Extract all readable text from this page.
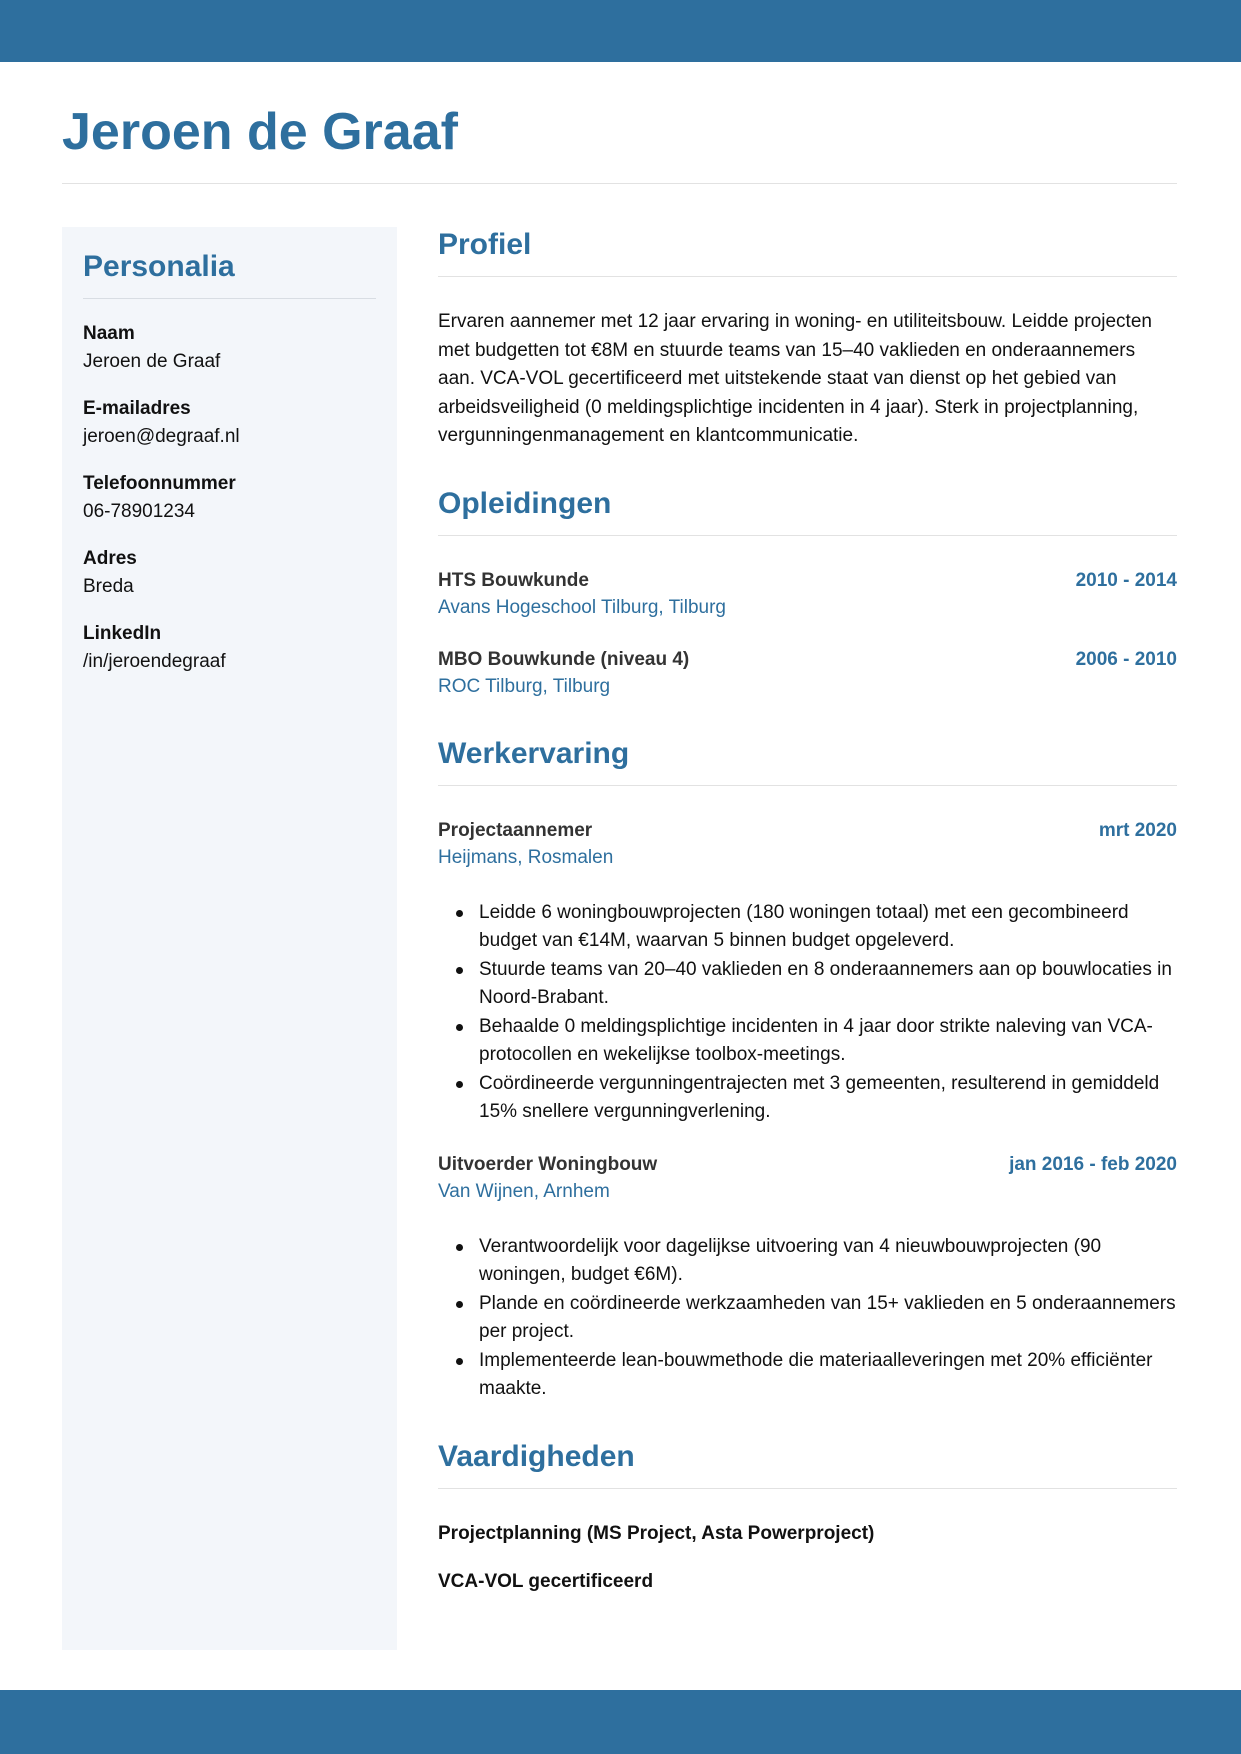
Jeroen de Graaf
Personalia
Naam
Jeroen de Graaf
E-mailadres
jeroen@degraaf.nl
Telefoonnummer
06-78901234
Adres
Breda
LinkedIn
/in/jeroendegraaf
Profiel

Ervaren aannemer met 12 jaar ervaring in woning- en utiliteitsbouw. Leidde projecten met budgetten tot €8M en stuurde teams van 15–40 vaklieden en onderaannemers aan. VCA-VOL gecertificeerd met uitstekende staat van dienst op het gebied van arbeidsveiligheid (0 meldingsplichtige incidenten in 4 jaar). Sterk in projectplanning, vergunningenmanagement en klantcommunicatie.

Opleidingen
HTS Bouwkunde	2010 - 2014
Avans Hogeschool Tilburg, Tilburg
MBO Bouwkunde (niveau 4)	2006 - 2010
ROC Tilburg, Tilburg
Werkervaring
Projectaannemer	mrt 2020
Heijmans, Rosmalen
Leidde 6 woningbouwprojecten (180 woningen totaal) met een gecombineerd budget van €14M, waarvan 5 binnen budget opgeleverd.
Stuurde teams van 20–40 vaklieden en 8 onderaannemers aan op bouwlocaties in Noord-Brabant.
Behaalde 0 meldingsplichtige incidenten in 4 jaar door strikte naleving van VCA-protocollen en wekelijkse toolbox-meetings.
Coördineerde vergunningentrajecten met 3 gemeenten, resulterend in gemiddeld 15% snellere vergunningverlening.
Uitvoerder Woningbouw	jan 2016 - feb 2020
Van Wijnen, Arnhem
Verantwoordelijk voor dagelijkse uitvoering van 4 nieuwbouwprojecten (90 woningen, budget €6M).
Plande en coördineerde werkzaamheden van 15+ vaklieden en 5 onderaannemers per project.
Implementeerde lean-bouwmethode die materiaalleveringen met 20% efficiënter maakte.
Vaardigheden
Projectplanning (MS Project, Asta Powerproject)
VCA-VOL gecertificeerd
